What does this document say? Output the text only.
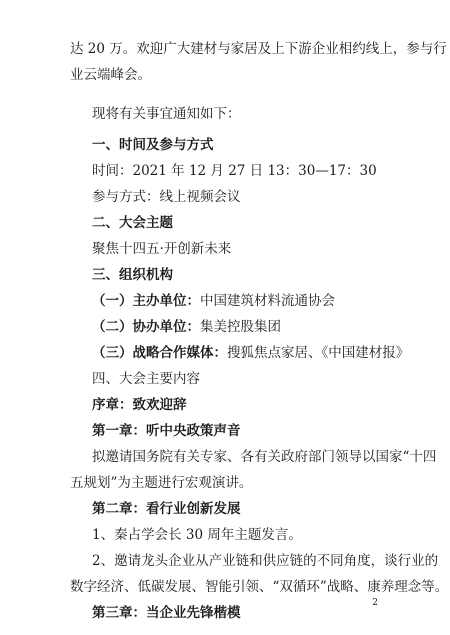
达 20 万。欢迎广大建材与家居及上下游企业相约线上，参与行
业云端峰会。
现将有关事宜通知如下：
一、时间及参与方式
时间：2021 年 12 月 27 日 13：30—17：30
参与方式：线上视频会议
二、大会主题
聚焦十四五·开创新未来
三、组织机构
（一）主办单位：中国建筑材料流通协会
（二）协办单位：集美控股集团
（三）战略合作媒体：搜狐焦点家居、《中国建材报》
四、大会主要内容
序章：致欢迎辞
第一章：听中央政策声音
拟邀请国务院有关专家、各有关政府部门领导以国家“十四
五规划”为主题进行宏观演讲。
第二章：看行业创新发展
1、秦占学会长 30 周年主题发言。
2、邀请龙头企业从产业链和供应链的不同角度，谈行业的
数字经济、低碳发展、智能引领、“双循环”战略、康养理念等。
第三章：当企业先锋楷模
2
